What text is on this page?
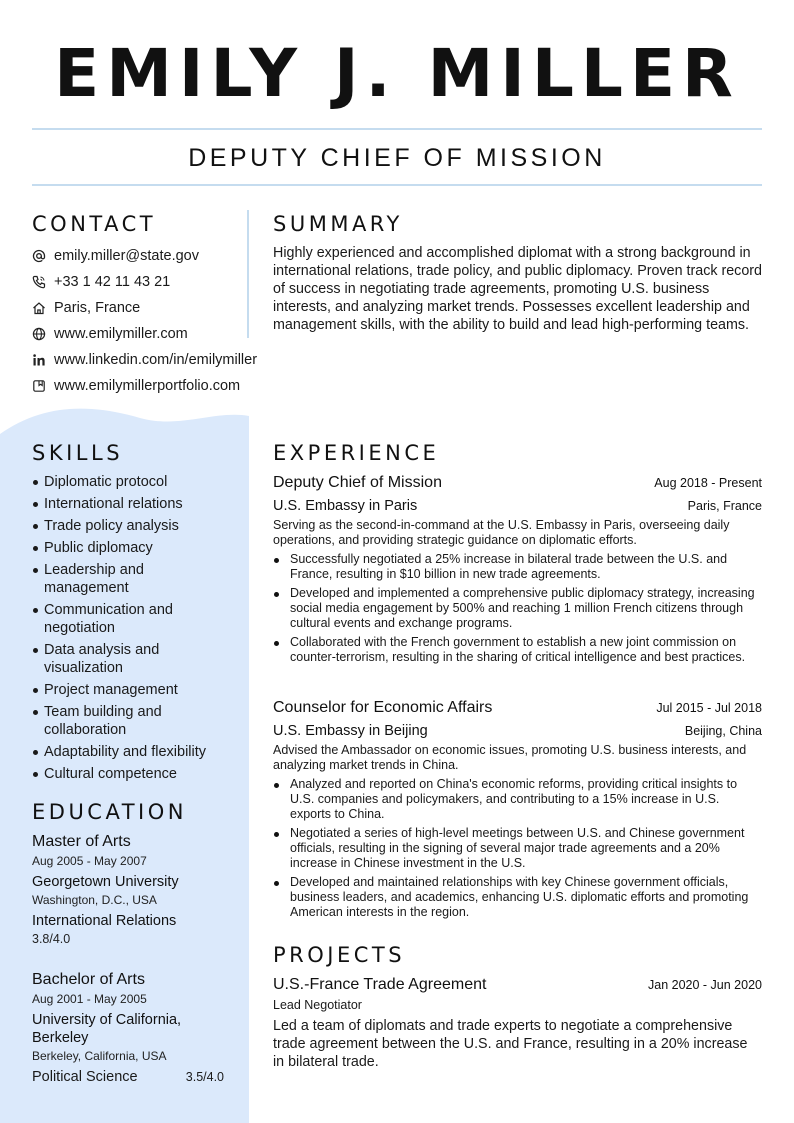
EMILY J. MILLER
DEPUTY CHIEF OF MISSION
CONTACT
emily.miller@state.gov
+33 1 42 11 43 21
Paris, France
www.emilymiller.com
www.linkedin.com/in/emilymiller
www.emilymillerportfolio.com
SUMMARY
Highly experienced and accomplished diplomat with a strong background in international relations, trade policy, and public diplomacy. Proven track record of success in negotiating trade agreements, promoting U.S. business interests, and analyzing market trends. Possesses excellent leadership and management skills, with the ability to build and lead high-performing teams.
SKILLS
Diplomatic protocol
International relations
Trade policy analysis
Public diplomacy
Leadership and management
Communication and negotiation
Data analysis and visualization
Project management
Team building and collaboration
Adaptability and flexibility
Cultural competence
EDUCATION
Master of Arts
Aug 2005 - May 2007
Georgetown University
Washington, D.C., USA
International Relations
3.8/4.0
Bachelor of Arts
Aug 2001 - May 2005
University of California, Berkeley
Berkeley, California, USA
Political Science	3.5/4.0
EXPERIENCE
Deputy Chief of Mission	Aug 2018 - Present
U.S. Embassy in Paris	Paris, France
Serving as the second-in-command at the U.S. Embassy in Paris, overseeing daily operations, and providing strategic guidance on diplomatic efforts.
Successfully negotiated a 25% increase in bilateral trade between the U.S. and France, resulting in $10 billion in new trade agreements.
Developed and implemented a comprehensive public diplomacy strategy, increasing social media engagement by 500% and reaching 1 million French citizens through cultural events and exchange programs.
Collaborated with the French government to establish a new joint commission on counter-terrorism, resulting in the sharing of critical intelligence and best practices.
Counselor for Economic Affairs	Jul 2015 - Jul 2018
U.S. Embassy in Beijing	Beijing, China
Advised the Ambassador on economic issues, promoting U.S. business interests, and analyzing market trends in China.
Analyzed and reported on China's economic reforms, providing critical insights to U.S. companies and policymakers, and contributing to a 15% increase in U.S. exports to China.
Negotiated a series of high-level meetings between U.S. and Chinese government officials, resulting in the signing of several major trade agreements and a 20% increase in Chinese investment in the U.S.
Developed and maintained relationships with key Chinese government officials, business leaders, and academics, enhancing U.S. diplomatic efforts and promoting American interests in the region.
PROJECTS
U.S.-France Trade Agreement	Jan 2020 - Jun 2020
Lead Negotiator
Led a team of diplomats and trade experts to negotiate a comprehensive trade agreement between the U.S. and France, resulting in a 20% increase in bilateral trade.
